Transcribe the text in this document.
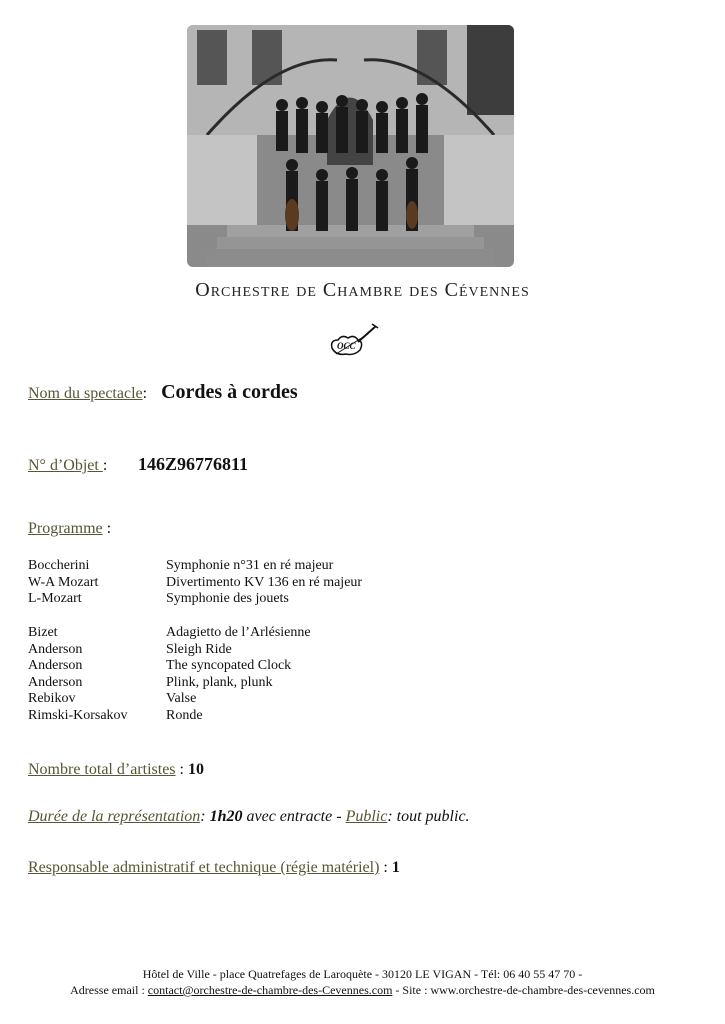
Orchestre de Chambre des Cévennes
OCC
Nom du spectacle: Cordes à cordes
N° d’Objet : 146Z96776811
Programme :
Boccherini	Symphonie n°31 en ré majeur
W-A Mozart	Divertimento KV 136 en ré majeur
L-Mozart	Symphonie des jouets
Bizet	Adagietto de l’Arlésienne
Anderson	Sleigh Ride
Anderson	The syncopated Clock
Anderson	Plink, plank, plunk
Rebikov	Valse
Rimski-Korsakov	Ronde
Nombre total d’artistes : 10
Durée de la représentation: 1h20 avec entracte - Public: tout public.
Responsable administratif et technique (régie matériel) : 1
Hôtel de Ville - place Quatrefages de Laroquète - 30120 LE VIGAN - Tél: 06 40 55 47 70 -
Adresse email : contact@orchestre-de-chambre-des-Cevennes.com - Site : www.orchestre-de-chambre-des-cevennes.com
